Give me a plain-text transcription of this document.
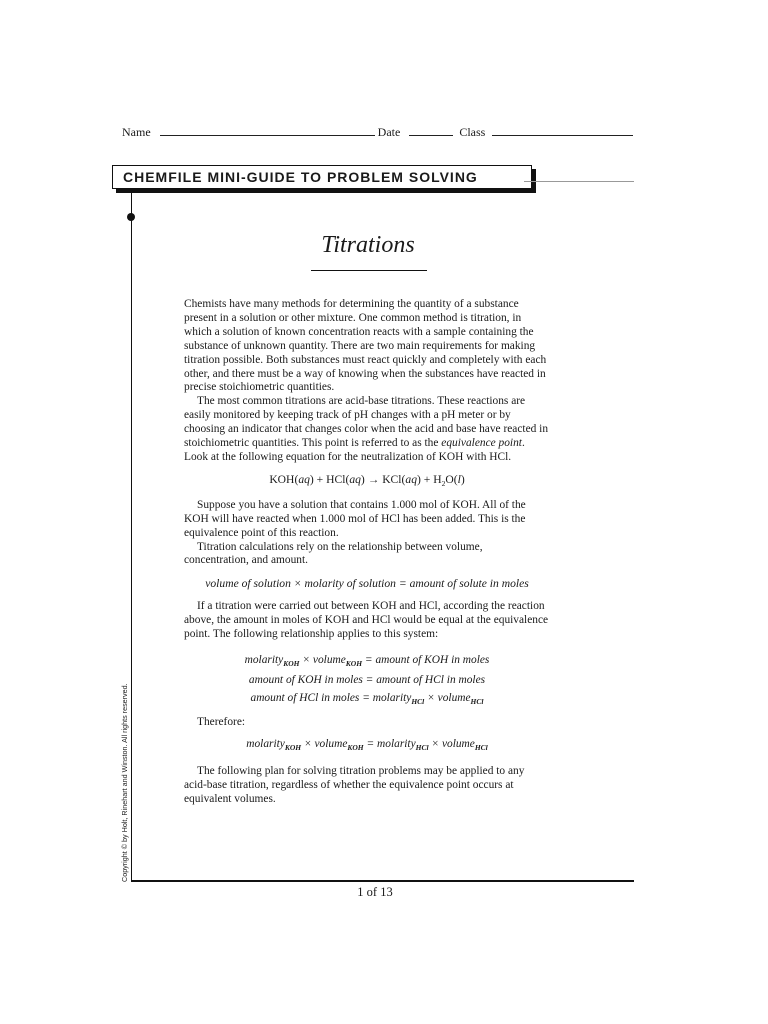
Name	Date	Class
CHEMFILE MINI-GUIDE TO PROBLEM SOLVING
Titrations

Chemists have many methods for determining the quantity of a substance present in a solution or other mixture. One common method is titration, in which a solution of known concentration reacts with a sample containing the substance of unknown quantity. There are two main requirements for making titration possible. Both substances must react quickly and completely with each other, and there must be a way of knowing when the substances have reacted in precise stoichiometric quantities.

The most common titrations are acid-base titrations. These reactions are easily monitored by keeping track of pH changes with a pH meter or by choosing an indicator that changes color when the acid and base have reacted in stoichiometric quantities. This point is referred to as the equivalence point. Look at the following equation for the neutralization of KOH with HCl.

$KOH(aq) + HCl(aq) \to KCl(aq) + H_2O(l)$

Suppose you have a solution that contains 1.000 mol of KOH. All of the KOH will have reacted when 1.000 mol of HCl has been added. This is the equivalence point of this reaction.

Titration calculations rely on the relationship between volume, concentration, and amount.

volume of solution × molarity of solution = amount of solute in moles

If a titration were carried out between KOH and HCl, according the reaction above, the amount in moles of KOH and HCl would be equal at the equivalence point. The following relationship applies to this system:

molarity$_{KOH}$ × volume$_{KOH}$ = amount of KOH in moles
amount of KOH in moles = amount of HCl in moles
amount of HCl in moles = molarity$_{HCl}$ × volume$_{HCl}$

Therefore:

molarity$_{KOH}$ × volume$_{KOH}$ = molarity$_{HCl}$ × volume$_{HCl}$

The following plan for solving titration problems may be applied to any acid-base titration, regardless of whether the equivalence point occurs at equivalent volumes.

Copyright © by Holt, Rinehart and Winston. All rights reserved.
1 of 13
